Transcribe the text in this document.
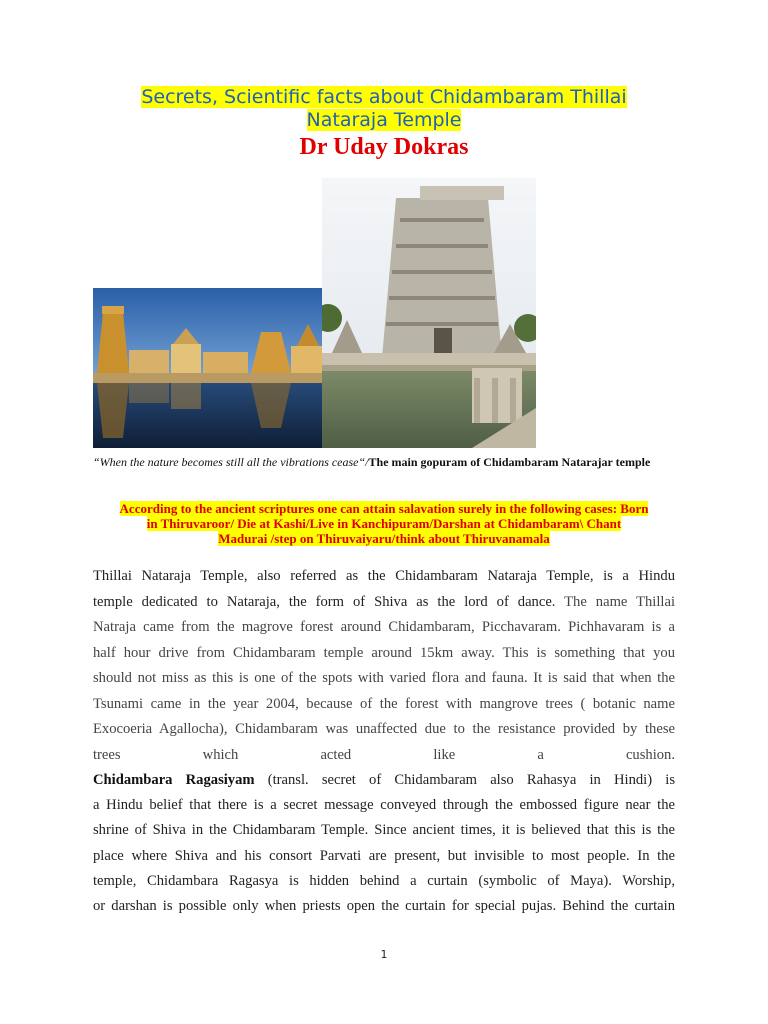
Secrets, Scientific facts about Chidambaram Thillai
Nataraja Temple
Dr Uday Dokras
“When the nature becomes still all the vibrations cease“/The main gopuram of Chidambaram Natarajar temple
According to the ancient scriptures one can attain salavation surely in the following cases: Born
in Thiruvaroor/ Die at Kashi/Live in Kanchipuram/Darshan at Chidambaram\ Chant
Madurai /step on Thiruvaiyaru/think about Thiruvanamala
Thillai Nataraja Temple, also referred as the Chidambaram Nataraja Temple, is a Hindu
temple dedicated to Nataraja, the form of Shiva as the lord of dance. The name Thillai
Natraja came from the magrove forest around Chidambaram, Picchavaram. Pichhavaram is a
half hour drive from Chidambaram temple around 15km away. This is something that you
should not miss as this is one of the spots with varied flora and fauna. It is said that when the
Tsunami came in the year 2004, because of the forest with mangrove trees ( botanic name
Exocoeria Agallocha), Chidambaram was unaffected due to the resistance provided by these
trees which acted like a cushion.
Chidambara Ragasiyam (transl. secret of Chidambaram also Rahasya in Hindi) is
a Hindu belief that there is a secret message conveyed through the embossed figure near the
shrine of Shiva in the Chidambaram Temple. Since ancient times, it is believed that this is the
place where Shiva and his consort Parvati are present, but invisible to most people. In the
temple, Chidambara Ragasya is hidden behind a curtain (symbolic of Maya). Worship,
or darshan is possible only when priests open the curtain for special pujas. Behind the curtain
1
